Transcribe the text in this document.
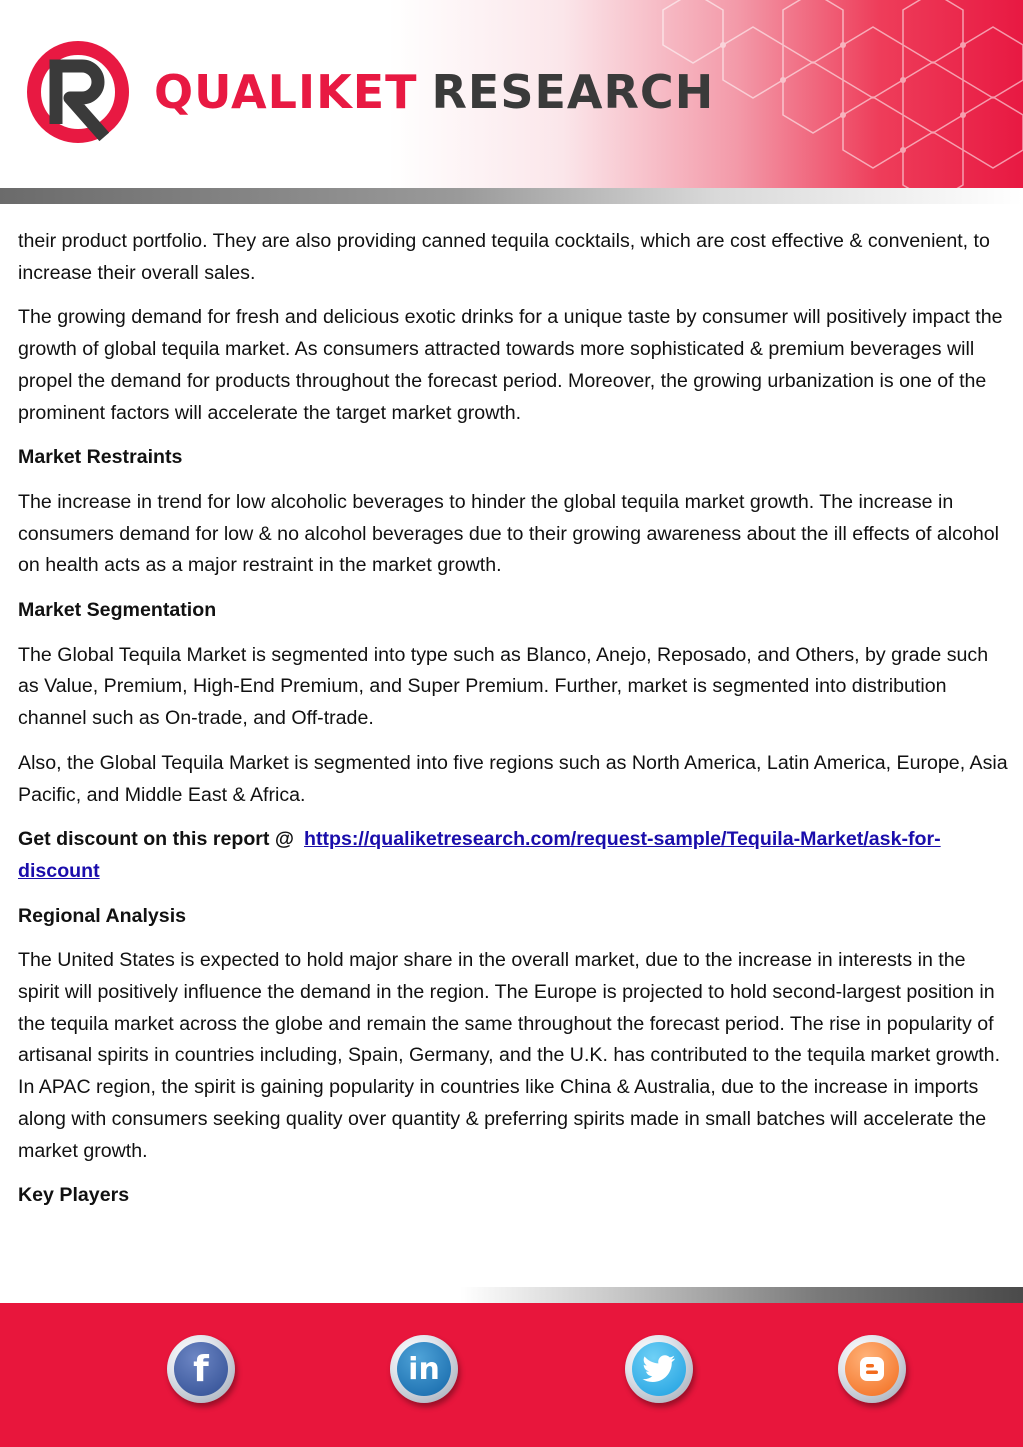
QUALIKET RESEARCH

their product portfolio. They are also providing canned tequila cocktails, which are cost effective & convenient, to increase their overall sales.

The growing demand for fresh and delicious exotic drinks for a unique taste by consumer will positively impact the growth of global tequila market. As consumers attracted towards more sophisticated & premium beverages will propel the demand for products throughout the forecast period. Moreover, the growing urbanization is one of the prominent factors will accelerate the target market growth.

Market Restraints

The increase in trend for low alcoholic beverages to hinder the global tequila market growth. The increase in consumers demand for low & no alcohol beverages due to their growing awareness about the ill effects of alcohol on health acts as a major restraint in the market growth.

Market Segmentation

The Global Tequila Market is segmented into type such as Blanco, Anejo, Reposado, and Others, by grade such as Value, Premium, High-End Premium, and Super Premium. Further, market is segmented into distribution channel such as On-trade, and Off-trade.

Also, the Global Tequila Market is segmented into five regions such as North America, Latin America, Europe, Asia Pacific, and Middle East & Africa.

Get discount on this report @ https://qualiketresearch.com/request-sample/Tequila-Market/ask-for-discount

Regional Analysis

The United States is expected to hold major share in the overall market, due to the increase in interests in the spirit will positively influence the demand in the region. The Europe is projected to hold second-largest position in the tequila market across the globe and remain the same throughout the forecast period. The rise in popularity of artisanal spirits in countries including, Spain, Germany, and the U.K. has contributed to the tequila market growth. In APAC region, the spirit is gaining popularity in countries like China & Australia, due to the increase in imports along with consumers seeking quality over quantity & preferring spirits made in small batches will accelerate the market growth.

Key Players
f	in
